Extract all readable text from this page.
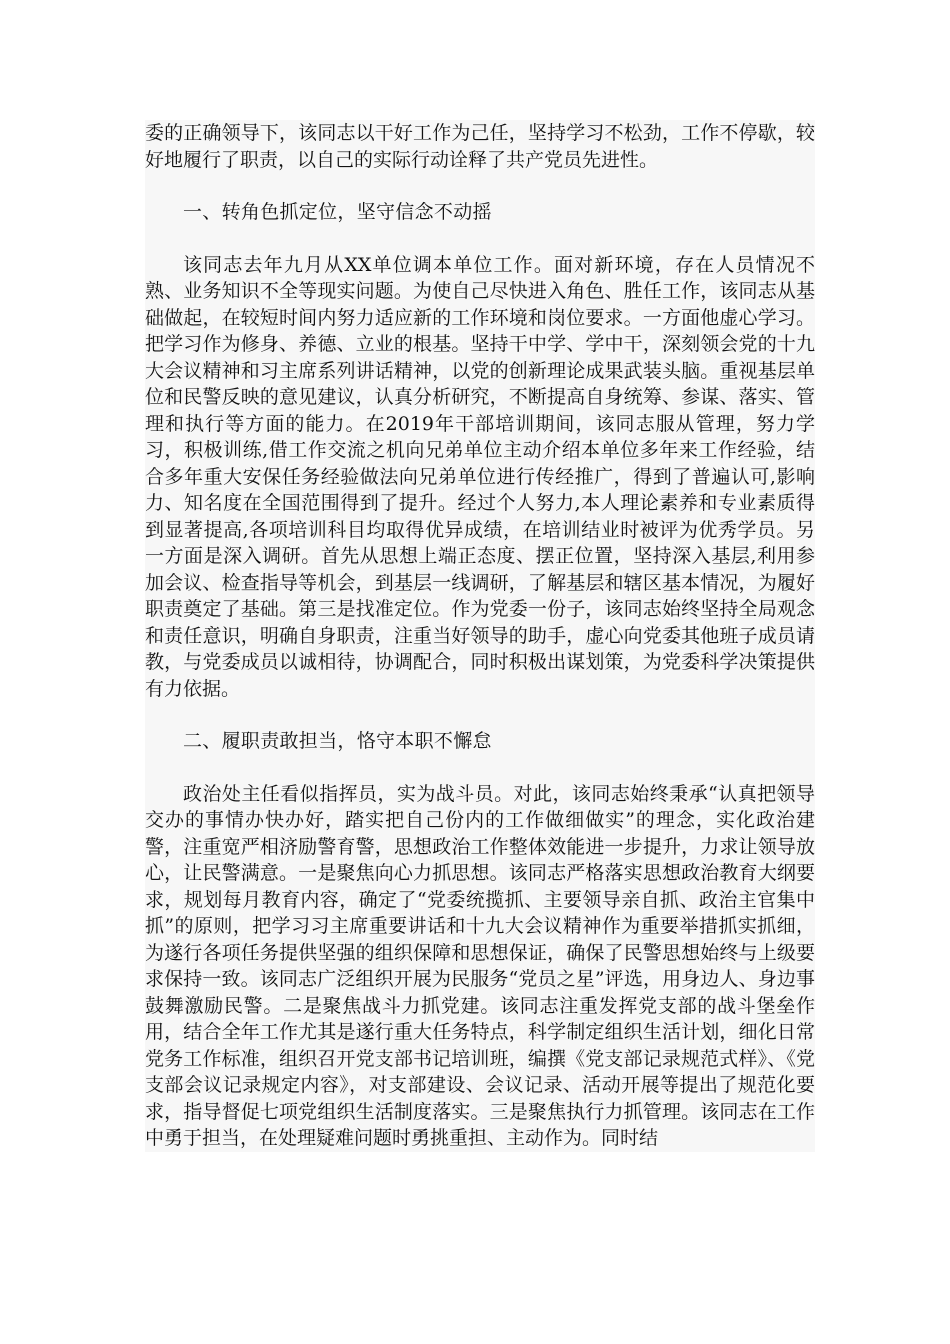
委的正确领导下，该同志以干好工作为己任，坚持学习不松劲，工作不停歇，较好地履行了职责，以自己的实际行动诠释了共产党员先进性。

一、转角色抓定位，坚守信念不动摇

该同志去年九月从XX单位调本单位工作。面对新环境，存在人员情况不熟、业务知识不全等现实问题。为使自己尽快进入角色、胜任工作，该同志从基础做起，在较短时间内努力适应新的工作环境和岗位要求。一方面他虚心学习。把学习作为修身、养德、立业的根基。坚持干中学、学中干，深刻领会党的十九大会议精神和习主席系列讲话精神，以党的创新理论成果武装头脑。重视基层单位和民警反映的意见建议，认真分析研究，不断提高自身统筹、参谋、落实、管理和执行等方面的能力。在2019年干部培训期间，该同志服从管理，努力学习，积极训练,借工作交流之机向兄弟单位主动介绍本单位多年来工作经验，结合多年重大安保任务经验做法向兄弟单位进行传经推广，得到了普遍认可,影响力、知名度在全国范围得到了提升。经过个人努力,本人理论素养和专业素质得到显著提高,各项培训科目均取得优异成绩，在培训结业时被评为优秀学员。另一方面是深入调研。首先从思想上端正态度、摆正位置，坚持深入基层,利用参加会议、检查指导等机会，到基层一线调研，了解基层和辖区基本情况，为履好职责奠定了基础。第三是找准定位。作为党委一份子，该同志始终坚持全局观念和责任意识，明确自身职责，注重当好领导的助手，虚心向党委其他班子成员请教，与党委成员以诚相待，协调配合，同时积极出谋划策，为党委科学决策提供有力依据。

二、履职责敢担当，恪守本职不懈怠

政治处主任看似指挥员，实为战斗员。对此，该同志始终秉承“认真把领导交办的事情办快办好，踏实把自己份内的工作做细做实”的理念，实化政治建警，注重宽严相济励警育警，思想政治工作整体效能进一步提升，力求让领导放心，让民警满意。一是聚焦向心力抓思想。该同志严格落实思想政治教育大纲要求，规划每月教育内容，确定了“党委统揽抓、主要领导亲自抓、政治主官集中抓”的原则，把学习习主席重要讲话和十九大会议精神作为重要举措抓实抓细，为遂行各项任务提供坚强的组织保障和思想保证，确保了民警思想始终与上级要求保持一致。该同志广泛组织开展为民服务“党员之星”评选，用身边人、身边事鼓舞激励民警。二是聚焦战斗力抓党建。该同志注重发挥党支部的战斗堡垒作用，结合全年工作尤其是遂行重大任务特点，科学制定组织生活计划，细化日常党务工作标准，组织召开党支部书记培训班，编撰《党支部记录规范式样》、《党支部会议记录规定内容》，对支部建设、会议记录、活动开展等提出了规范化要求，指导督促七项党组织生活制度落实。三是聚焦执行力抓管理。该同志在工作中勇于担当，在处理疑难问题时勇挑重担、主动作为。同时结
